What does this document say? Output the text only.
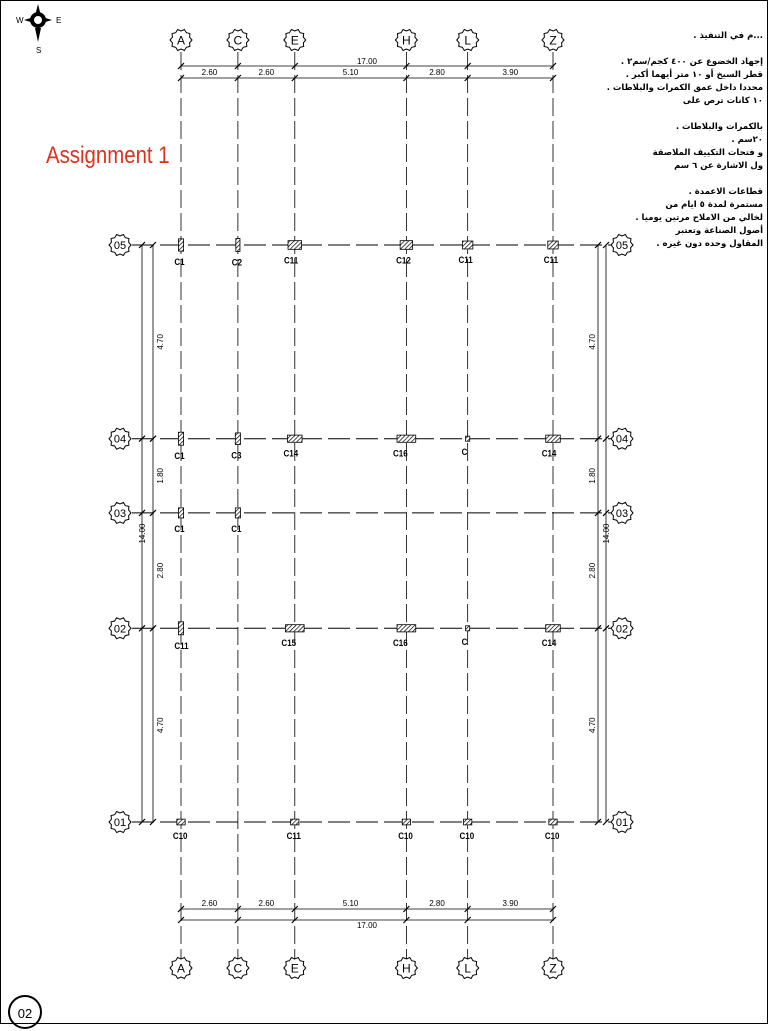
2.60	2.60	5.10	2.80	3.90
17.00
2.60	2.60	5.10	2.80	3.90
17.00
4.70
1.80
2.80
4.70
14.00
4.70
1.80
2.80
4.70
14.00
C1	C2	C11	C12	C11	C11
C1	C3	C14	C16	C	C14
C1	C1
C11	C15	C16	C	C14
C10	C11	C10	C10	C10
A
A
C
C
E
E
H
H
L
L
Z
Z
05	05
04	04
03	03
02	02
01	01
W	E
S
Assignment 1
...م في التنفيذ .
إجهاد الخضوع عن ٤٠٠ كجم/سم٢ .
قطر السيخ أو ١٠ متر أيهما أكبر .
محددا داخل عمق الكمرات والبلاطات .
١٠ كانات ترص على
بالكمرات والبلاطات .
٢٠سم .
و فتحات التكييف الملاصقة
ول الاشارة عن ٦ سم
قطاعات الاعمدة .
مستمرة لمدة ٥ ايام من
لخالي من الاملاح مرتين يوميا .
أصول الصناعة وتعتبر
المقاول وحده دون غيره .
02
